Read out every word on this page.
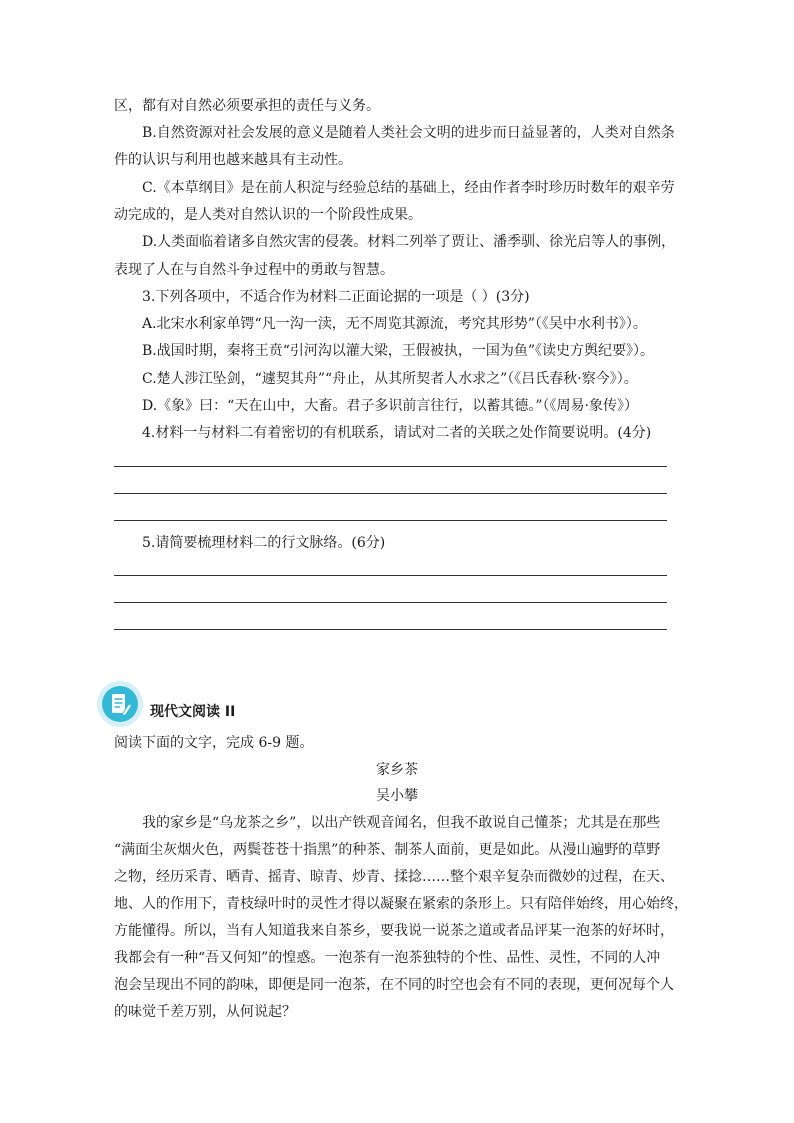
区，都有对自然必须要承担的责任与义务。
B.自然资源对社会发展的意义是随着人类社会文明的进步而日益显著的，人类对自然条
件的认识与利用也越来越具有主动性。
C.《本草纲目》是在前人积淀与经验总结的基础上，经由作者李时珍历时数年的艰辛劳
动完成的，是人类对自然认识的一个阶段性成果。
D.人类面临着诸多自然灾害的侵袭。材料二列举了贾让、潘季驯、徐光启等人的事例，
表现了人在与自然斗争过程中的勇敢与智慧。
3.下列各项中，不适合作为材料二正面论据的一项是（ ）(3分)
A.北宋水利家单锷“凡一沟一渎，无不周览其源流，考究其形势”（《吴中水利书》）。
B.战国时期，秦将王贲“引河沟以灌大梁，王假被执，一国为鱼”《读史方舆纪要》）。
C.楚人涉江坠剑，“遽契其舟”“舟止，从其所契者人水求之”（《吕氏春秋·察今》）。
D.《象》曰：“天在山中，大畜。君子多识前言往行，以蓄其德。”（《周易·象传》）
4.材料一与材料二有着密切的有机联系，请试对二者的关联之处作简要说明。(4分)
5.请简要梳理材料二的行文脉络。(6分)
现代文阅读 II
阅读下面的文字，完成 6-9 题。
家乡茶
吴小攀
我的家乡是“乌龙茶之乡”，以出产铁观音闻名，但我不敢说自己懂茶；尤其是在那些
“满面尘灰烟火色，两鬓苍苍十指黑”的种茶、制茶人面前，更是如此。从漫山遍野的草野
之物，经历采青、晒青、摇青、晾青、炒青、揉捻……整个艰辛复杂而微妙的过程，在天、
地、人的作用下，青枝绿叶时的灵性才得以凝聚在紧索的条形上。只有陪伴始终，用心始终，
方能懂得。所以，当有人知道我来自茶乡，要我说一说茶之道或者品评某一泡茶的好坏时，
我都会有一种“吾又何知”的惶惑。一泡茶有一泡茶独特的个性、品性、灵性，不同的人冲
泡会呈现出不同的韵味，即便是同一泡茶，在不同的时空也会有不同的表现，更何况每个人
的味觉千差万别，从何说起？
